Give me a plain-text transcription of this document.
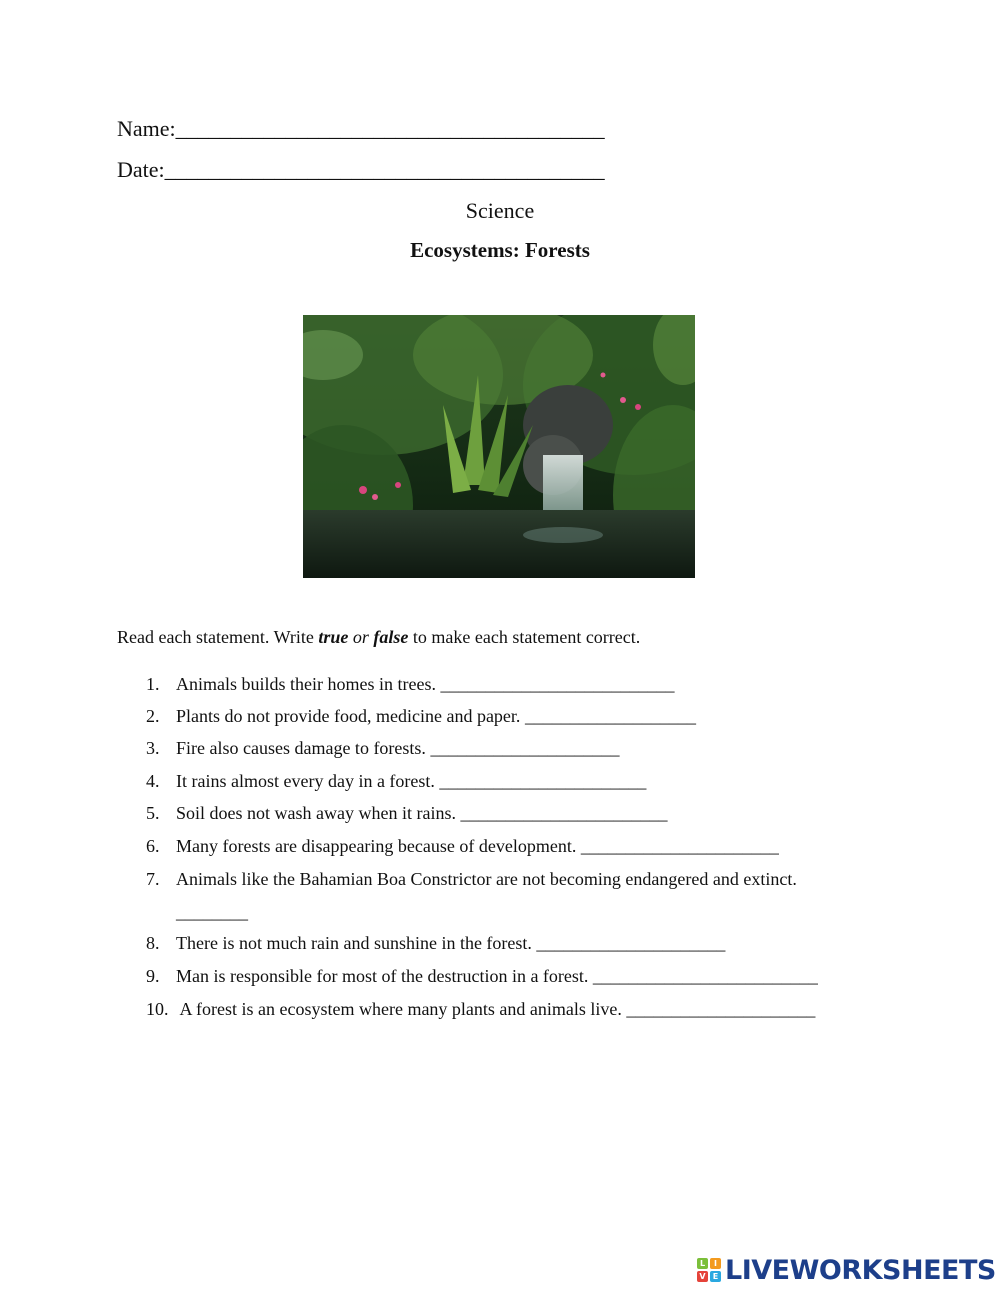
Name:_______________________________________
Date:________________________________________
Science
Ecosystems: Forests
Read each statement. Write true or false to make each statement correct.
1. Animals builds their homes in trees. __________________________
2. Plants do not provide food, medicine and paper. ___________________
3. Fire also causes damage to forests. _____________________
4. It rains almost every day in a forest. _______________________
5. Soil does not wash away when it rains. _______________________
6. Many forests are disappearing because of development. ______________________
7. Animals like the Bahamian Boa Constrictor are not becoming endangered and extinct.
________
8. There is not much rain and sunshine in the forest. _____________________
9. Man is responsible for most of the destruction in a forest. _________________________
10. A forest is an ecosystem where many plants and animals live. _____________________
L	I
V E LIVEWORKSHEETS
